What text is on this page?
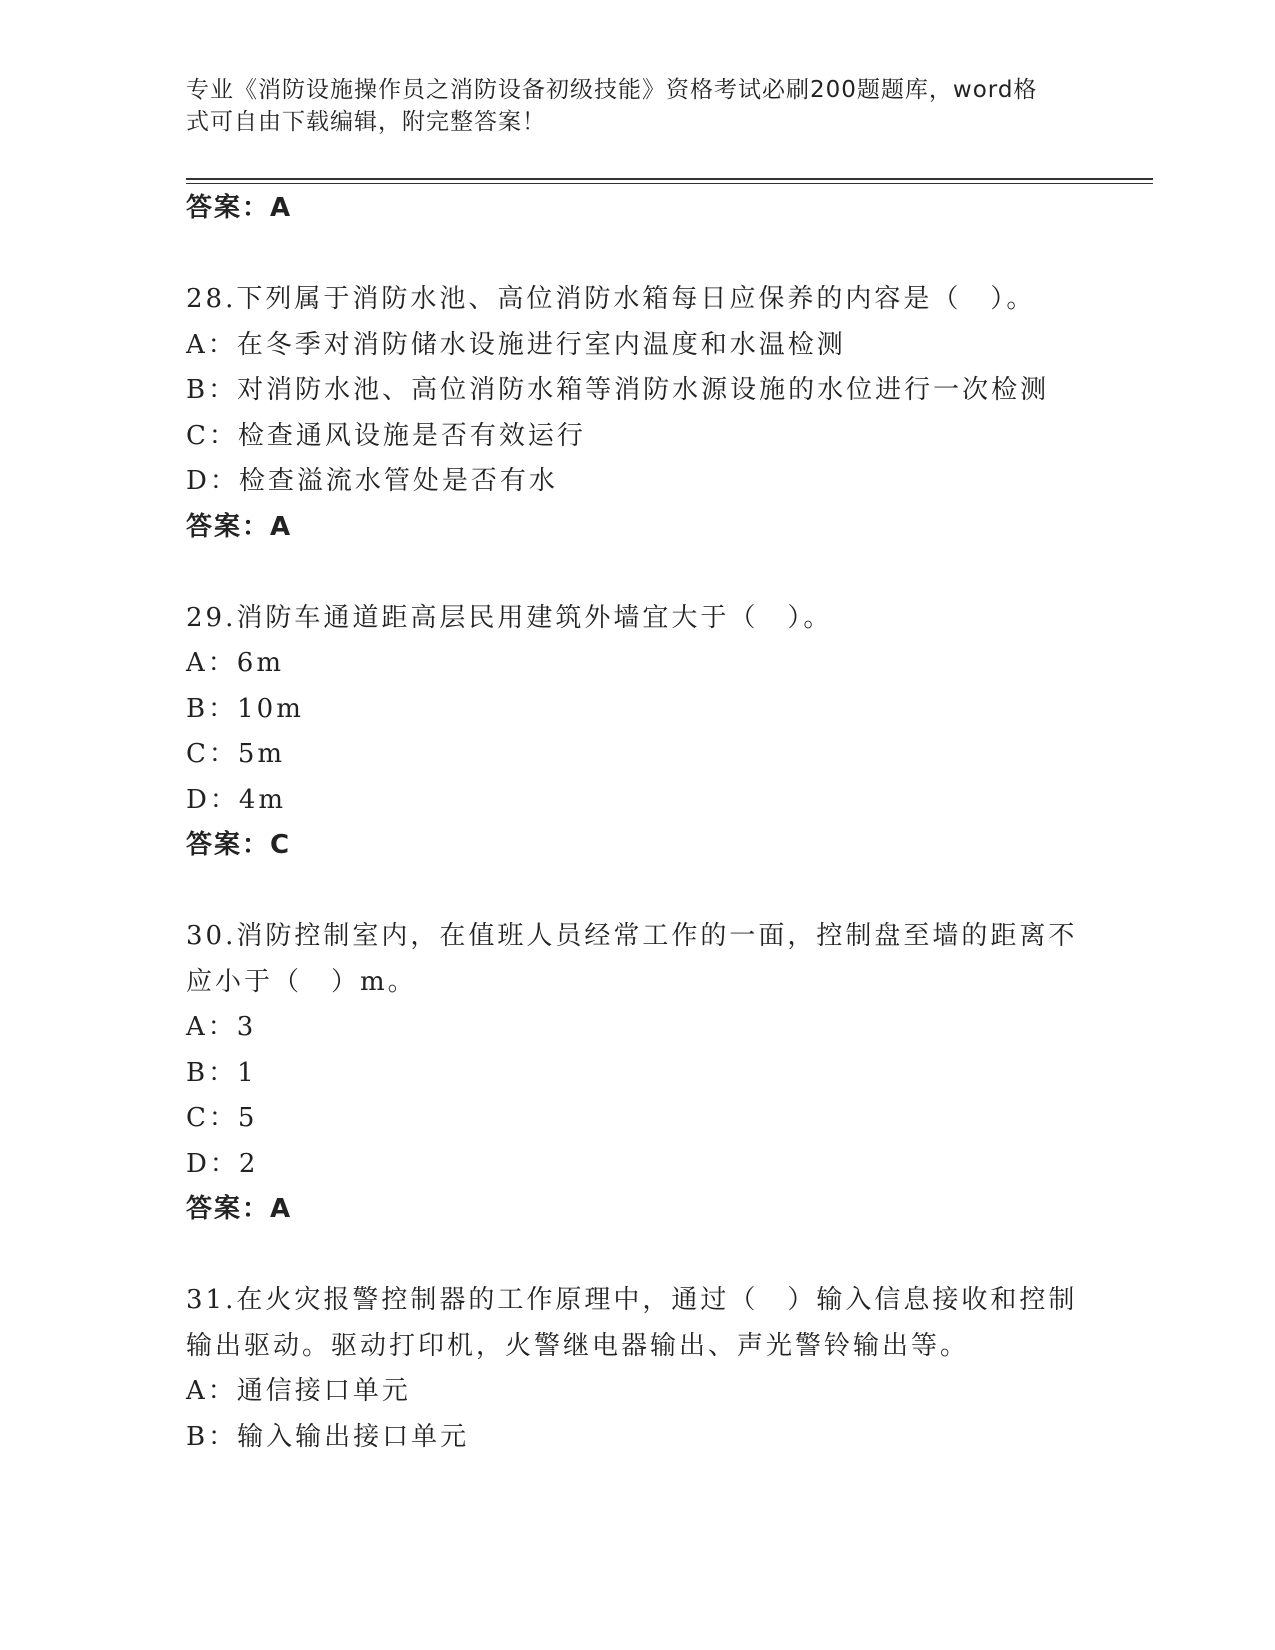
专业《消防设施操作员之消防设备初级技能》资格考试必刷200题题库，word格
式可自由下载编辑，附完整答案！
答案：A
28.下列属于消防水池、高位消防水箱每日应保养的内容是（　）。
A：在冬季对消防储水设施进行室内温度和水温检测
B：对消防水池、高位消防水箱等消防水源设施的水位进行一次检测
C：检查通风设施是否有效运行
D：检查溢流水管处是否有水
答案：A
29.消防车通道距高层民用建筑外墙宜大于（　）。
A：6m
B：10m
C：5m
D：4m
答案：C
30.消防控制室内，在值班人员经常工作的一面，控制盘至墙的距离不
应小于（　）m。
A：3
B：1
C：5
D：2
答案：A
31.在火灾报警控制器的工作原理中，通过（　）输入信息接收和控制
输出驱动。驱动打印机，火警继电器输出、声光警铃输出等。
A：通信接口单元
B：输入输出接口单元
